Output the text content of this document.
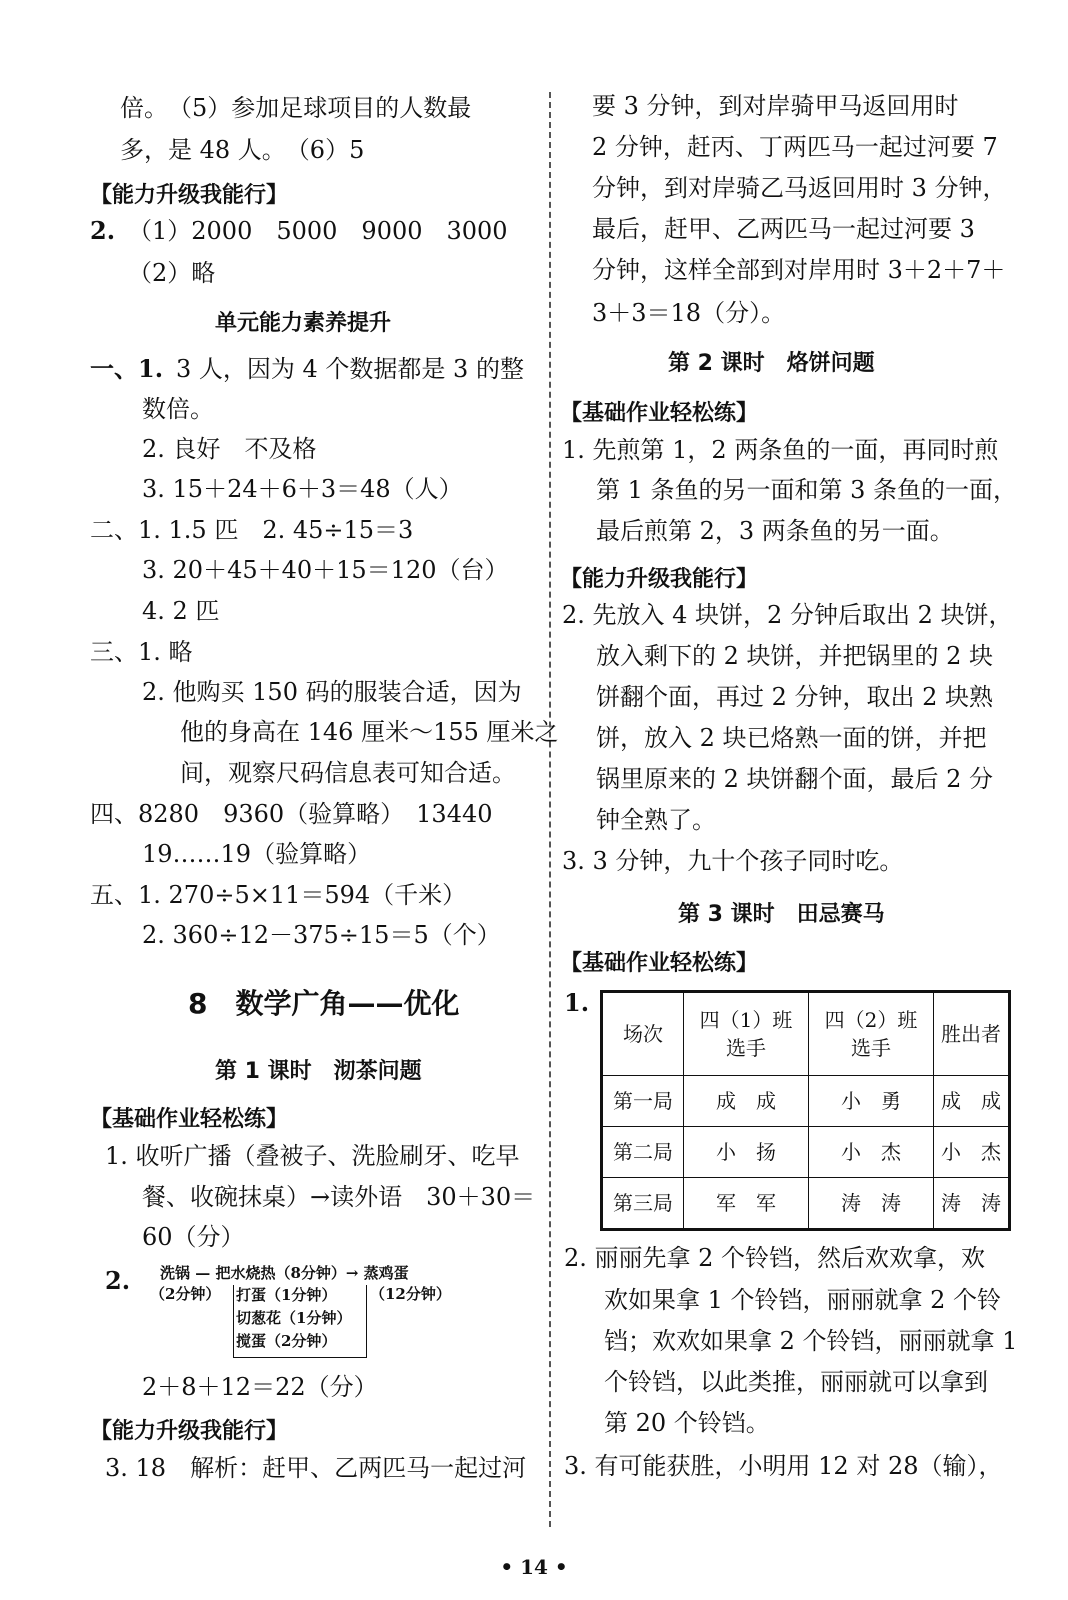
倍。　（5）参加足球项目的人数最
多，是 48 人。　（6）5
【能力升级我能行】
2. （1）2000　5000　9000　3000
（2）略
单元能力素养提升
一、1. 3 人，因为 4 个数据都是 3 的整
数倍。
2. 良好　不及格
3. 15＋24＋6＋3＝48（人）
二、1. 1.5 匹　2. 45÷15＝3
3. 20＋45＋40＋15＝120（台）
4. 2 匹
三、1. 略
2. 他购买 150 码的服装合适，因为
他的身高在 146 厘米～155 厘米之
间，观察尺码信息表可知合适。
四、8280　9360（验算略）　13440
19……19（验算略）
五、1. 270÷5×11＝594（千米）
2. 360÷12－375÷15＝5（个）
8　数学广角——优化
第 1 课时　沏茶问题
【基础作业轻松练】
1. 收听广播（叠被子、洗脸刷牙、吃早
餐、收碗抹桌）→读外语　30＋30＝
60（分）
2. 洗锅 — 把水烧热（8分钟）→ 蒸鸡蛋
（2分钟）	（12分钟）
打蛋（1分钟）
切葱花（1分钟）
搅蛋（2分钟）
2＋8＋12＝22（分）
【能力升级我能行】
3. 18　解析：赶甲、乙两匹马一起过河
要 3 分钟，到对岸骑甲马返回用时
2 分钟，赶丙、丁两匹马一起过河要 7
分钟，到对岸骑乙马返回用时 3 分钟，
最后，赶甲、乙两匹马一起过河要 3
分钟，这样全部到对岸用时 3＋2＋7＋
3＋3＝18（分）。
第 2 课时　烙饼问题
【基础作业轻松练】
1. 先煎第 1，2 两条鱼的一面，再同时煎
第 1 条鱼的另一面和第 3 条鱼的一面，
最后煎第 2，3 两条鱼的另一面。
【能力升级我能行】
2. 先放入 4 块饼，2 分钟后取出 2 块饼，
放入剩下的 2 块饼，并把锅里的 2 块
饼翻个面，再过 2 分钟，取出 2 块熟
饼，放入 2 块已烙熟一面的饼，并把
锅里原来的 2 块饼翻个面，最后 2 分
钟全熟了。
3. 3 分钟，九十个孩子同时吃。
第 3 课时　田忌赛马
【基础作业轻松练】
1.
场次	四（1）班选手	四（2）班选手	胜出者
第一局	成　成	小　勇	成　成
第二局	小　扬	小　杰	小　杰
第三局	军　军	涛　涛	涛　涛
2. 丽丽先拿 2 个铃铛，然后欢欢拿，欢
欢如果拿 1 个铃铛，丽丽就拿 2 个铃
铛；欢欢如果拿 2 个铃铛，丽丽就拿 1
个铃铛，以此类推，丽丽就可以拿到
第 20 个铃铛。
3. 有可能获胜，小明用 12 对 28（输），
• 14 •
